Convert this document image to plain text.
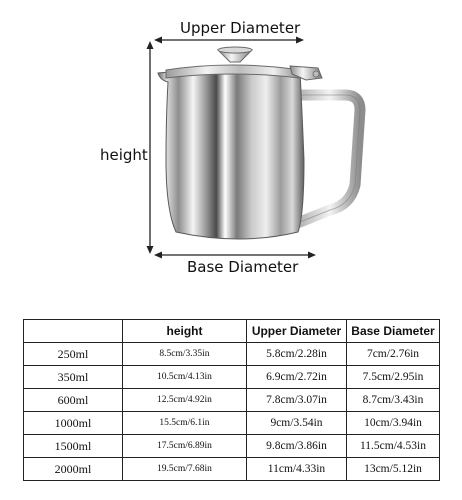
Upper Diameter
height
Base Diameter
	height	Upper Diameter	Base Diameter
250ml	8.5cm/3.35in	5.8cm/2.28in	7cm/2.76in
350ml	10.5cm/4.13in	6.9cm/2.72in	7.5cm/2.95in
600ml	12.5cm/4.92in	7.8cm/3.07in	8.7cm/3.43in
1000ml	15.5cm/6.1in	9cm/3.54in	10cm/3.94in
1500ml	17.5cm/6.89in	9.8cm/3.86in	11.5cm/4.53in
2000ml	19.5cm/7.68in	11cm/4.33in	13cm/5.12in
